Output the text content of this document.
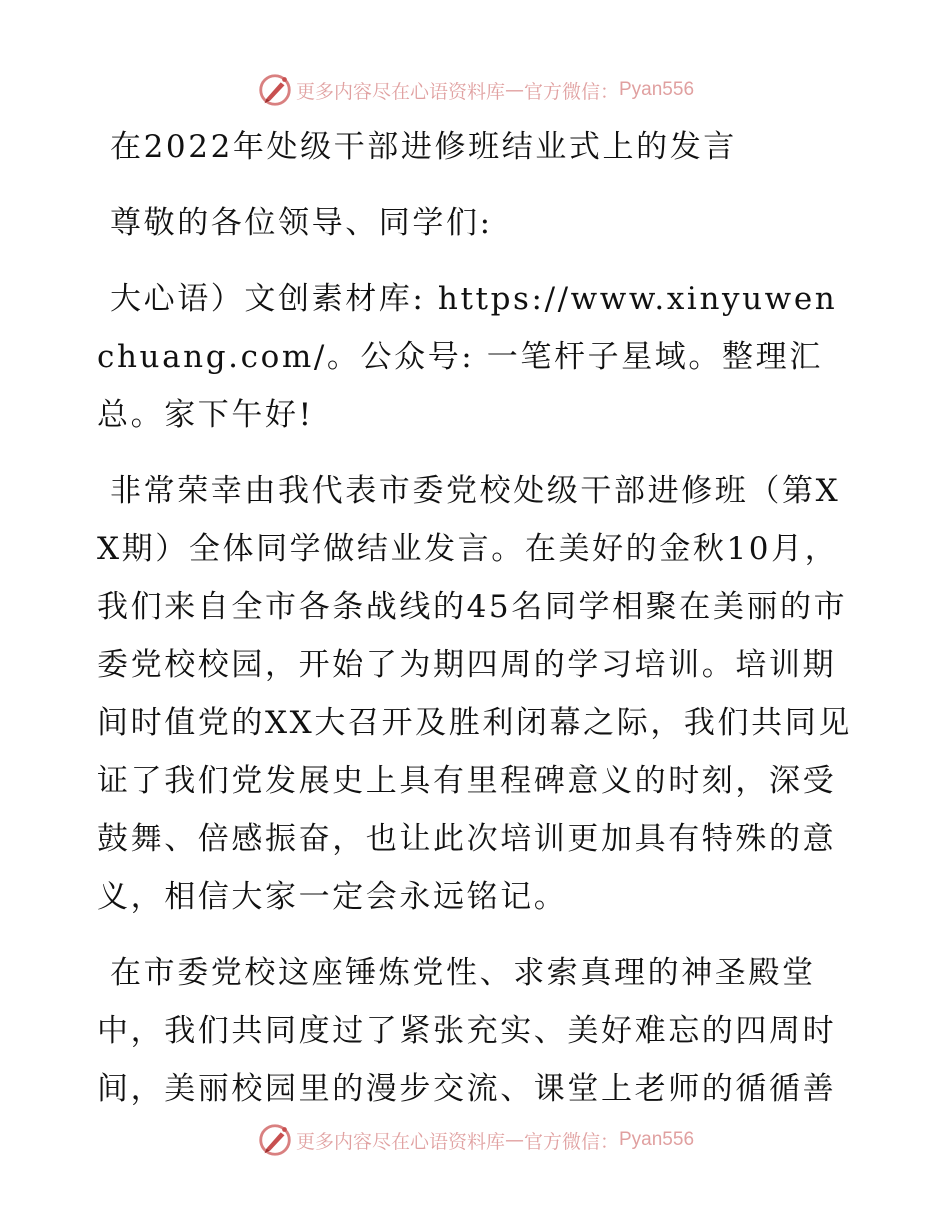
更多内容尽在心语资料库 — 官方微信： Pyan556

在2022年处级干部进修班结业式上的发言

尊敬的各位领导、同学们:

大心语）文创素材库: https://www.xinyuwenchuang.com/。公众号: 一笔杆子星域。整理汇总。家下午好!

非常荣幸由我代表市委党校处级干部进修班（第XX期）全体同学做结业发言。在美好的金秋10月，我们来自全市各条战线的45名同学相聚在美丽的市委党校校园，开始了为期四周的学习培训。培训期间时值党的XX大召开及胜利闭幕之际，我们共同见证了我们党发展史上具有里程碑意义的时刻，深受鼓舞、倍感振奋，也让此次培训更加具有特殊的意义，相信大家一定会永远铭记。

在市委党校这座锤炼党性、求索真理的神圣殿堂中，我们共同度过了紧张充实、美好难忘的四周时间，美丽校园里的漫步交流、课堂上老师的循循善

更多内容尽在心语资料库 — 官方微信： Pyan556
